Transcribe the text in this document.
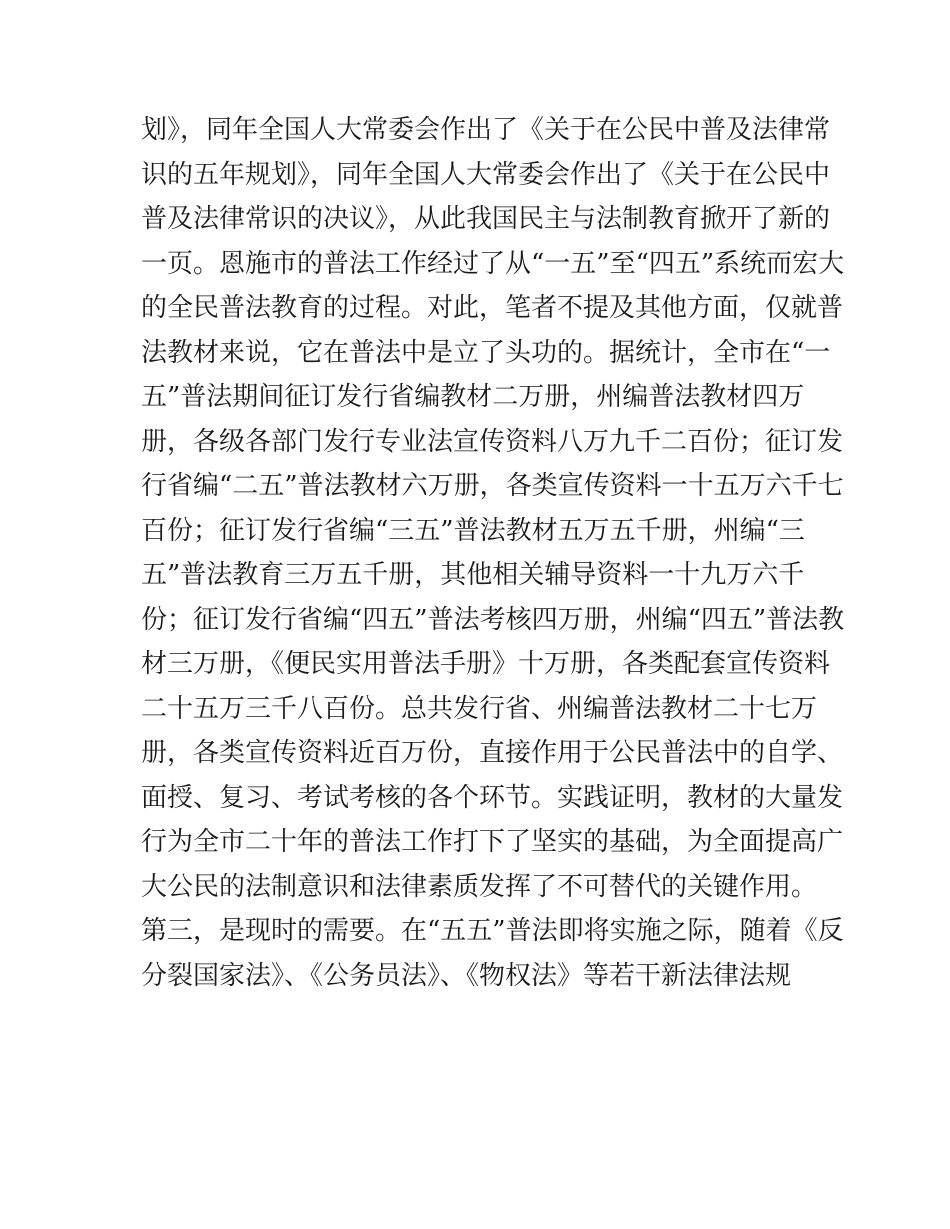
划》，同年全国人大常委会作出了《关于在公民中普及法律常
识的五年规划》，同年全国人大常委会作出了《关于在公民中
普及法律常识的决议》，从此我国民主与法制教育掀开了新的
一页。恩施市的普法工作经过了从“一五”至“四五”系统而宏大
的全民普法教育的过程。对此，笔者不提及其他方面，仅就普
法教材来说，它在普法中是立了头功的。据统计，全市在“一
五”普法期间征订发行省编教材二万册，州编普法教材四万
册，各级各部门发行专业法宣传资料八万九千二百份；征订发
行省编“二五”普法教材六万册，各类宣传资料一十五万六千七
百份；征订发行省编“三五”普法教材五万五千册，州编“三
五”普法教育三万五千册，其他相关辅导资料一十九万六千
份；征订发行省编“四五”普法考核四万册，州编“四五”普法教
材三万册，《便民实用普法手册》十万册，各类配套宣传资料
二十五万三千八百份。总共发行省、州编普法教材二十七万
册，各类宣传资料近百万份，直接作用于公民普法中的自学、
面授、复习、考试考核的各个环节。实践证明，教材的大量发
行为全市二十年的普法工作打下了坚实的基础，为全面提高广
大公民的法制意识和法律素质发挥了不可替代的关键作用。
第三，是现时的需要。在“五五”普法即将实施之际，随着《反
分裂国家法》、《公务员法》、《物权法》等若干新法律法规
